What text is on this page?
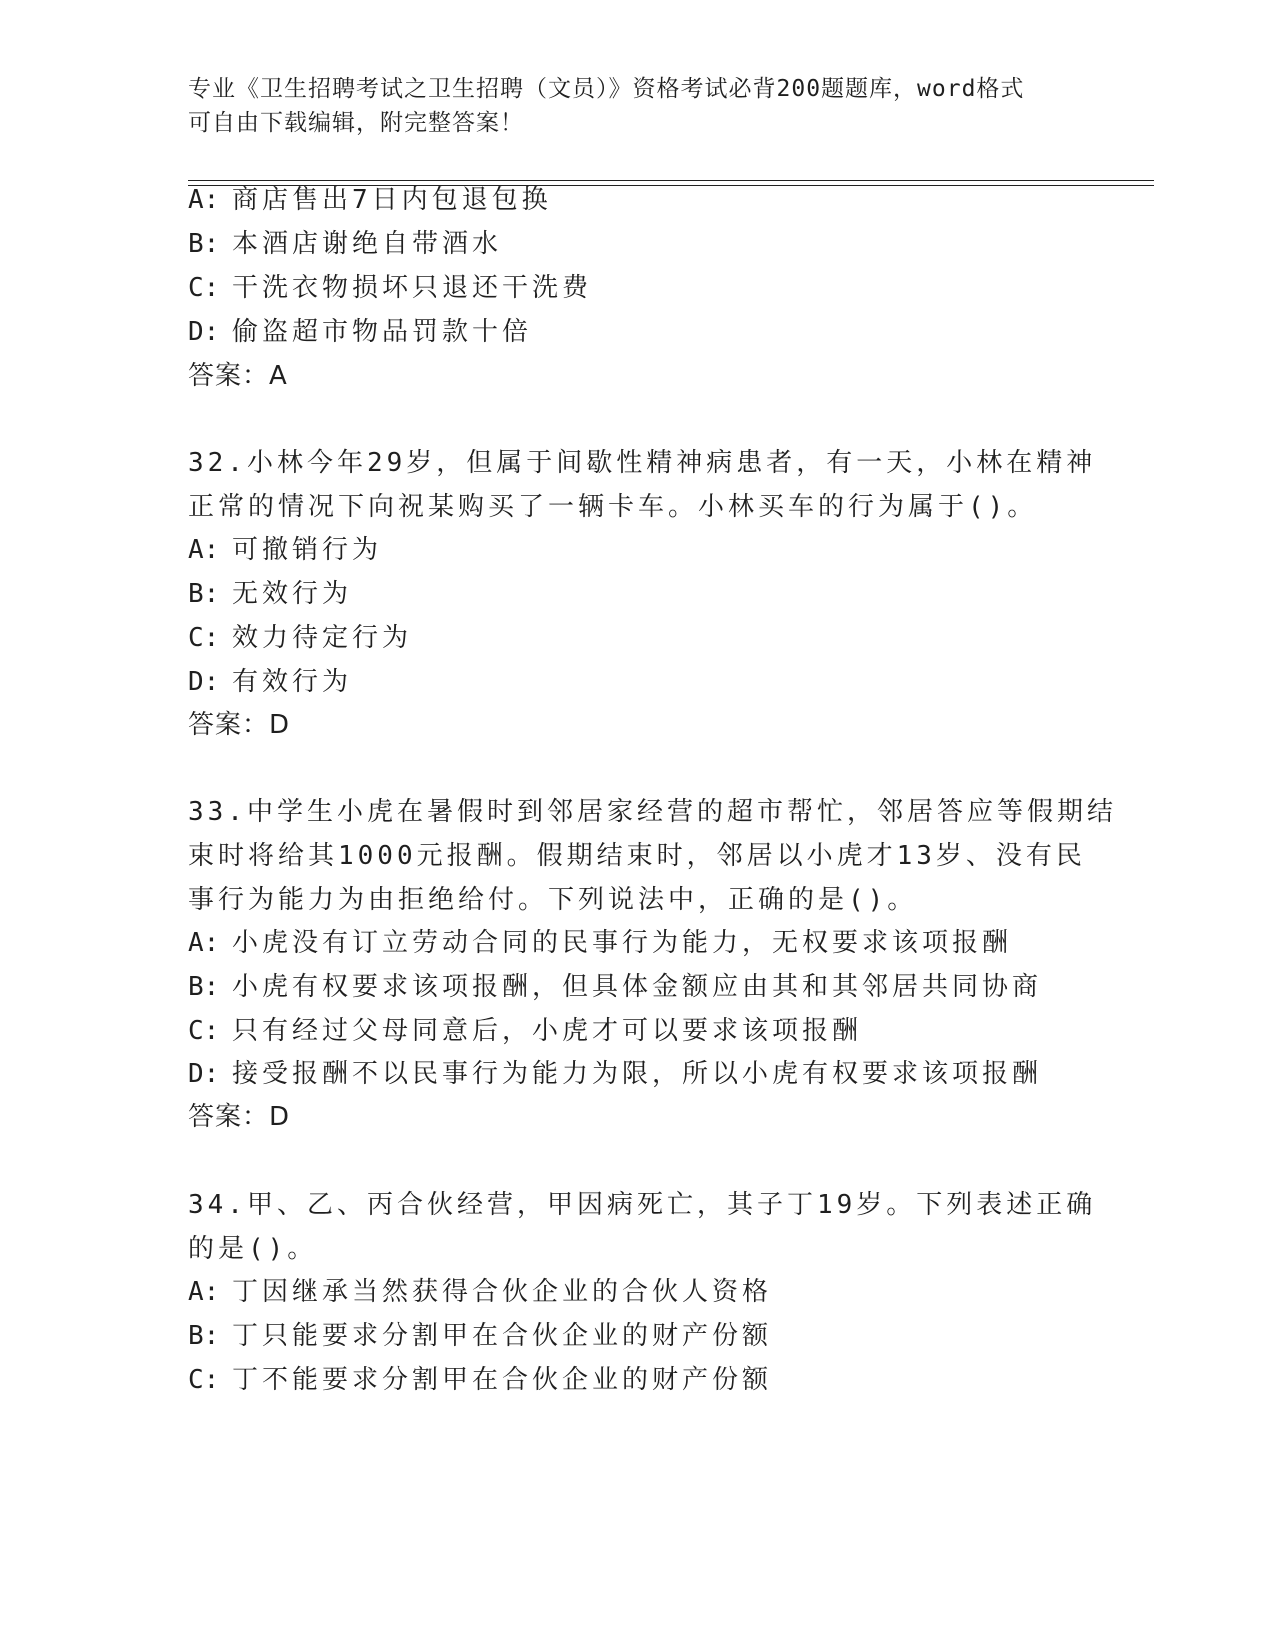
专业《卫生招聘考试之卫生招聘（文员）》资格考试必背200题题库，word格式
可自由下载编辑，附完整答案！
A: 商店售出7日内包退包换
B: 本酒店谢绝自带酒水
C: 干洗衣物损坏只退还干洗费
D: 偷盗超市物品罚款十倍
答案：A
32.小林今年29岁，但属于间歇性精神病患者，有一天，小林在精神
正常的情况下向祝某购买了一辆卡车。小林买车的行为属于()。
A: 可撤销行为
B: 无效行为
C: 效力待定行为
D: 有效行为
答案：D
33.中学生小虎在暑假时到邻居家经营的超市帮忙，邻居答应等假期结
束时将给其1000元报酬。假期结束时，邻居以小虎才13岁、没有民
事行为能力为由拒绝给付。下列说法中，正确的是()。
A: 小虎没有订立劳动合同的民事行为能力，无权要求该项报酬
B: 小虎有权要求该项报酬，但具体金额应由其和其邻居共同协商
C: 只有经过父母同意后，小虎才可以要求该项报酬
D: 接受报酬不以民事行为能力为限，所以小虎有权要求该项报酬
答案：D
34.甲、乙、丙合伙经营，甲因病死亡，其子丁19岁。下列表述正确
的是()。
A: 丁因继承当然获得合伙企业的合伙人资格
B: 丁只能要求分割甲在合伙企业的财产份额
C: 丁不能要求分割甲在合伙企业的财产份额
